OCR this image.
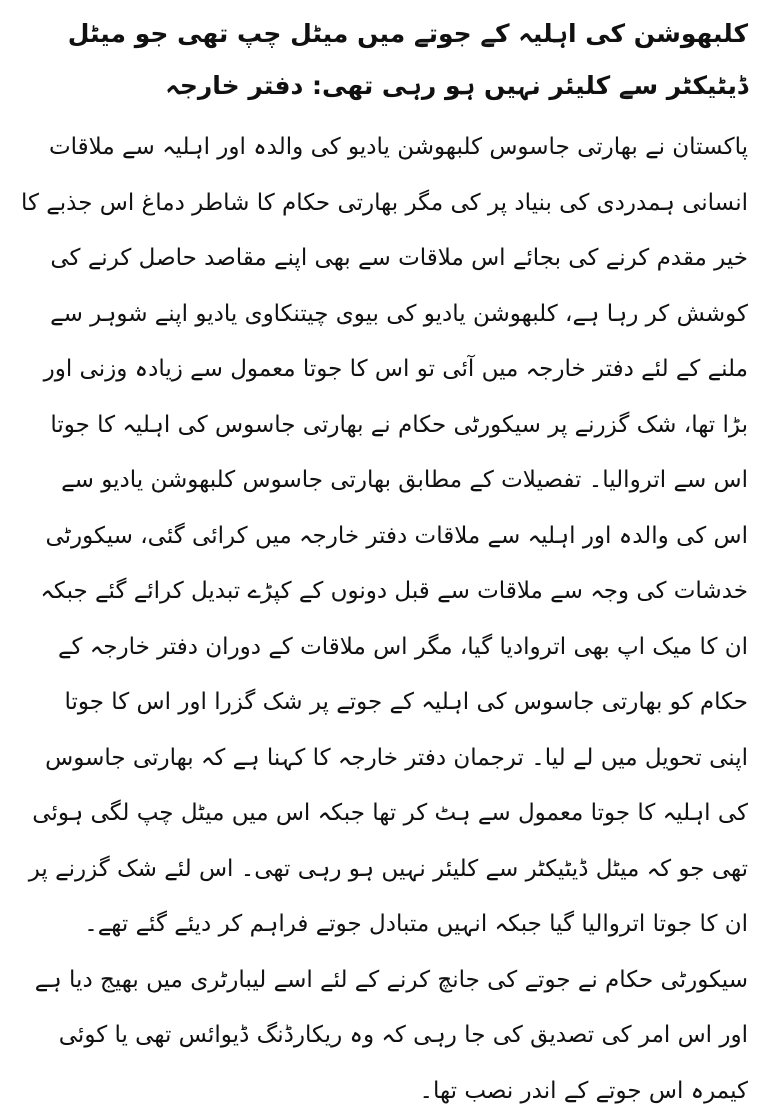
کلبھوشن کی اہلیہ کے جوتے میں میٹل چپ تھی جو میٹل ڈیٹیکٹر سے کلیئر نہیں ہو رہی تھی: دفتر خارجہ

پاکستان نے بھارتی جاسوس کلبھوشن یادیو کی والدہ اور اہلیہ سے ملاقات انسانی ہمدردی کی بنیاد پر کی مگر بھارتی حکام کا شاطر دماغ اس جذبے کا خیر مقدم کرنے کی بجائے اس ملاقات سے بھی اپنے مقاصد حاصل کرنے کی کوشش کر رہا ہے، کلبھوشن یادیو کی بیوی چیتنکاوی یادیو اپنے شوہر سے ملنے کے لئے دفتر خارجہ میں آئی تو اس کا جوتا معمول سے زیادہ وزنی اور بڑا تھا، شک گزرنے پر سیکورٹی حکام نے بھارتی جاسوس کی اہلیہ کا جوتا اس سے اتروالیا۔ تفصیلات کے مطابق بھارتی جاسوس کلبھوشن یادیو سے اس کی والدہ اور اہلیہ سے ملاقات دفتر خارجہ میں کرائی گئی، سیکورٹی خدشات کی وجہ سے ملاقات سے قبل دونوں کے کپڑے تبدیل کرائے گئے جبکہ ان کا میک اپ بھی اتروادیا گیا، مگر اس ملاقات کے دوران دفتر خارجہ کے حکام کو بھارتی جاسوس کی اہلیہ کے جوتے پر شک گزرا اور اس کا جوتا اپنی تحویل میں لے لیا۔ ترجمان دفتر خارجہ کا کہنا ہے کہ بھارتی جاسوس کی اہلیہ کا جوتا معمول سے ہٹ کر تھا جبکہ اس میں میٹل چپ لگی ہوئی تھی جو کہ میٹل ڈیٹیکٹر سے کلیئر نہیں ہو رہی تھی۔ اس لئے شک گزرنے پر ان کا جوتا اتروالیا گیا جبکہ انہیں متبادل جوتے فراہم کر دیئے گئے تھے۔ سیکورٹی حکام نے جوتے کی جانچ کرنے کے لئے اسے لیبارٹری میں بھیج دیا ہے اور اس امر کی تصدیق کی جا رہی کہ وہ ریکارڈنگ ڈیوائس تھی یا کوئی کیمرہ اس جوتے کے اندر نصب تھا۔
